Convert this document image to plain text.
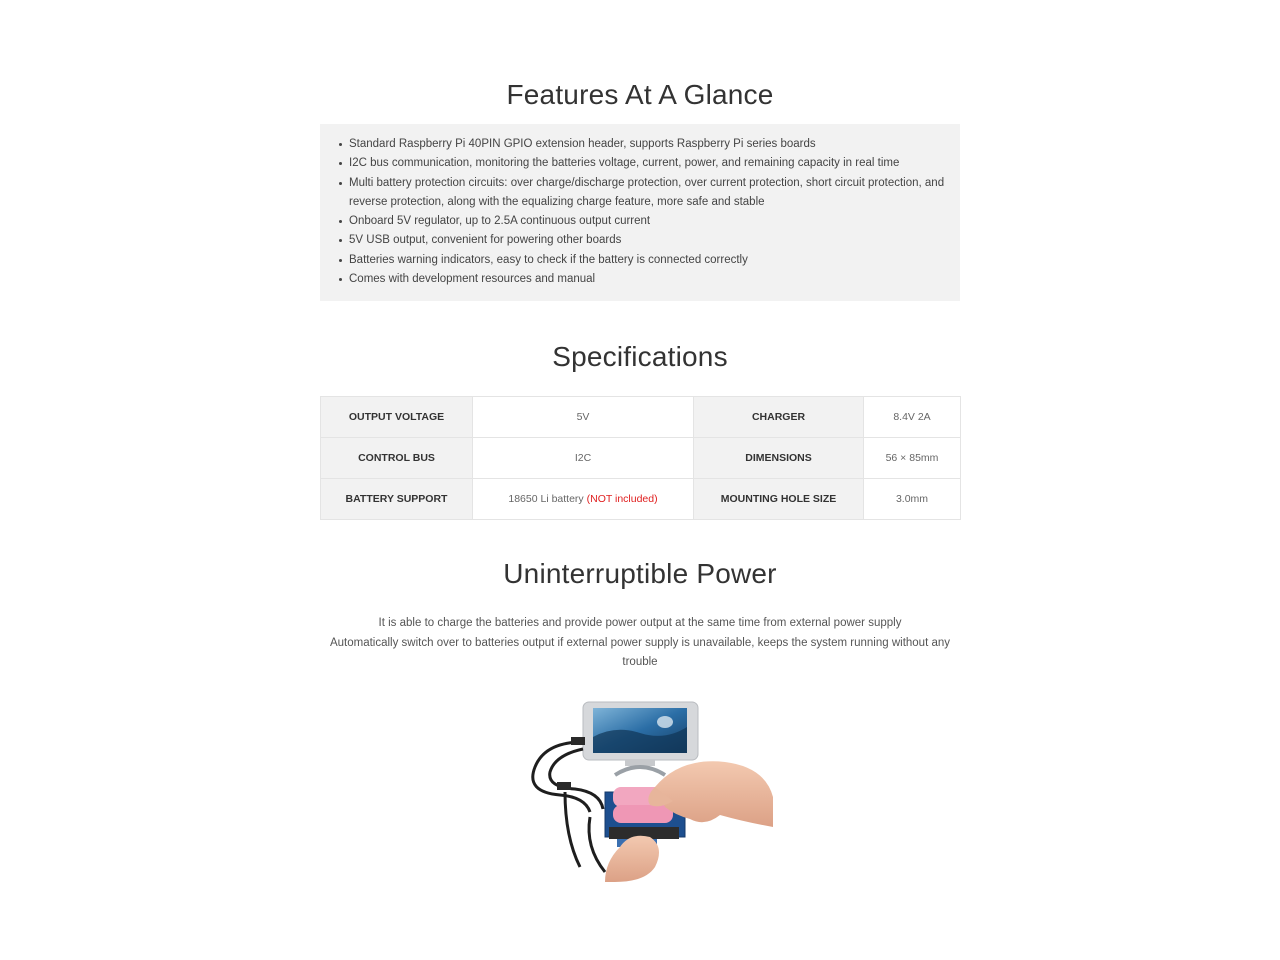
Features At A Glance
Standard Raspberry Pi 40PIN GPIO extension header, supports Raspberry Pi series boards
I2C bus communication, monitoring the batteries voltage, current, power, and remaining capacity in real time
Multi battery protection circuits: over charge/discharge protection, over current protection, short circuit protection, and reverse protection, along with the equalizing charge feature, more safe and stable
Onboard 5V regulator, up to 2.5A continuous output current
5V USB output, convenient for powering other boards
Batteries warning indicators, easy to check if the battery is connected correctly
Comes with development resources and manual
Specifications
OUTPUT VOLTAGE	5V	CHARGER	8.4V 2A
CONTROL BUS	I2C	DIMENSIONS	56 × 85mm
BATTERY SUPPORT	18650 Li battery (NOT included)	MOUNTING HOLE SIZE	3.0mm
Uninterruptible Power

It is able to charge the batteries and provide power output at the same time from external power supply

Automatically switch over to batteries output if external power supply is unavailable, keeps the system running without any trouble
